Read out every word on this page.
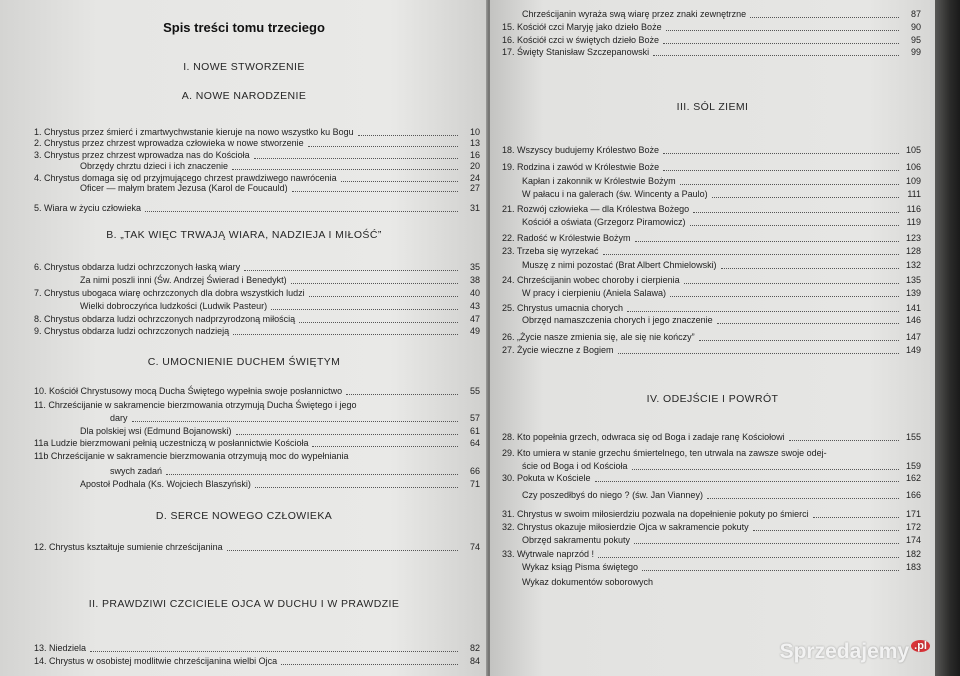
Spis treści tomu trzeciego
I. NOWE STWORZENIE
A. NOWE NARODZENIE
B. „TAK WIĘC TRWAJĄ WIARA, NADZIEJA I MIŁOŚĆ”
C. UMOCNIENIE DUCHEM ŚWIĘTYM
D. SERCE NOWEGO CZŁOWIEKA
II. PRAWDZIWI CZCICIELE OJCA W DUCHU I W PRAWDZIE
1. Chrystus przez śmierć i zmartwychwstanie kieruje na nowo wszystko ku Bogu	10
2. Chrystus przez chrzest wprowadza człowieka w nowe stworzenie	13
3. Chrystus przez chrzest wprowadza nas do Kościoła	16
Obrzędy chrztu dzieci i ich znaczenie	20
4. Chrystus domaga się od przyjmującego chrzest prawdziwego nawrócenia	24
Oficer — małym bratem Jezusa (Karol de Foucauld)	27
5. Wiara w życiu człowieka	31
6. Chrystus obdarza ludzi ochrzczonych łaską wiary	35
Za nimi poszli inni (Św. Andrzej Świerad i Benedykt)	38
7. Chrystus ubogaca wiarę ochrzczonych dla dobra wszystkich ludzi	40
Wielki dobroczyńca ludzkości (Ludwik Pasteur)	43
8. Chrystus obdarza ludzi ochrzczonych nadprzyrodzoną miłością	47
9. Chrystus obdarza ludzi ochrzczonych nadzieją	49
10. Kościół Chrystusowy mocą Ducha Świętego wypełnia swoje posłannictwo	55
11. Chrześcijanie w sakramencie bierzmowania otrzymują Ducha Świętego i jego
dary	57
Dla polskiej wsi (Edmund Bojanowski)	61
11a Ludzie bierzmowani pełnią uczestniczą w posłannictwie Kościoła	64
11b Chrześcijanie w sakramencie bierzmowania otrzymują moc do wypełniania
swych zadań	66
Apostoł Podhala (Ks. Wojciech Blaszyński)	71
12. Chrystus kształtuje sumienie chrześcijanina	74
13. Niedziela	82
14. Chrystus w osobistej modlitwie chrześcijanina wielbi Ojca	84
III. SÓL ZIEMI
IV. ODEJŚCIE I POWRÓT
Chrześcijanin wyraża swą wiarę przez znaki zewnętrzne	87
15. Kościół czci Maryję jako dzieło Boże	90
16. Kościół czci w świętych dzieło Boże	95
17. Święty Stanisław Szczepanowski	99
18. Wszyscy budujemy Królestwo Boże	105
19. Rodzina i zawód w Królestwie Boże	106
Kapłan i zakonnik w Królestwie Bożym	109
W pałacu i na galerach (św. Wincenty a Paulo)	111
21. Rozwój człowieka — dla Królestwa Bożego	116
Kościół a oświata (Grzegorz Piramowicz)	119
22. Radość w Królestwie Bożym	123
23. Trzeba się wyrzekać	128
Muszę z nimi pozostać (Brat Albert Chmielowski)	132
24. Chrześcijanin wobec choroby i cierpienia	135
W pracy i cierpieniu (Aniela Salawa)	139
25. Chrystus umacnia chorych	141
Obrzęd namaszczenia chorych i jego znaczenie	146
26. „Życie nasze zmienia się, ale się nie kończy”	147
27. Życie wieczne z Bogiem	149
28. Kto popełnia grzech, odwraca się od Boga i zadaje ranę Kościołowi	155
29. Kto umiera w stanie grzechu śmiertelnego, ten utrwala na zawsze swoje odej-
ście od Boga i od Kościoła	159
30. Pokuta w Kościele	162
Czy poszedłbyś do niego ? (św. Jan Vianney)	166
31. Chrystus w swoim miłosierdziu pozwala na dopełnienie pokuty po śmierci	171
32. Chrystus okazuje miłosierdzie Ojca w sakramencie pokuty	172
Obrzęd sakramentu pokuty	174
33. Wytrwale naprzód !	182
Wykaz ksiąg Pisma świętego	183
Wykaz dokumentów soborowych
Sprzedajemy $^{.pl}$
